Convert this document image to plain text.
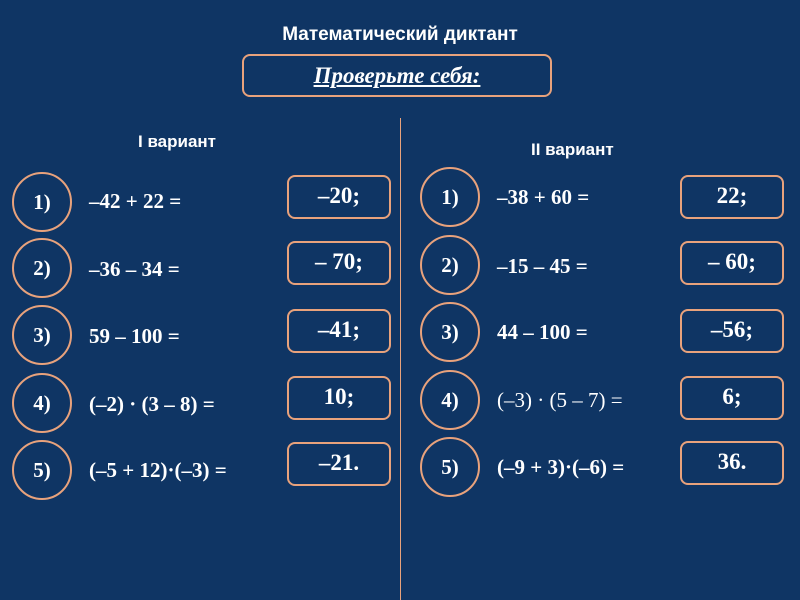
Математический диктант
Проверьте себя:
I вариант	II вариант
1)	–42 + 22 =	–20;
2)	–36 – 34 =	– 70;
3)	59 – 100 =	–41;
4)	(–2) · (3 – 8) =	10;
5)	(–5 + 12)·(–3) =	–21.
1)	–38 + 60 =	22;
2)	–15 – 45 =	– 60;
3)	44 – 100 =	–56;
4)	(–3) · (5 – 7) =	6;
5)	(–9 + 3)·(–6) =	36.
